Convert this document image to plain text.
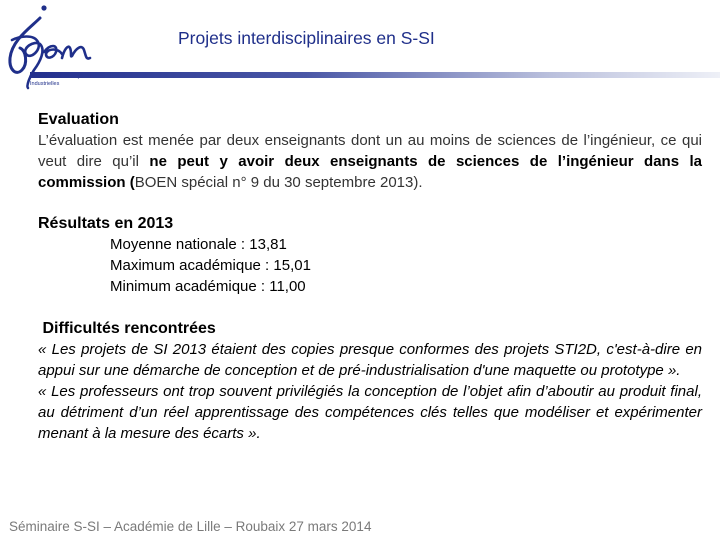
Industrielles
Projets interdisciplinaires en S-SI
Evaluation
L’évaluation est menée par deux enseignants dont un au moins de sciences de l’ingénieur, ce qui veut dire qu’il ne peut y avoir deux enseignants de sciences de l’ingénieur dans la commission (BOEN spécial n° 9 du 30 septembre 2013).
Résultats en 2013
Moyenne nationale : 13,81
Maximum académique : 15,01
Minimum académique : 11,00
Difficultés rencontrées
« Les projets de SI 2013 étaient des copies presque conformes des projets STI2D, c'est-à-dire en appui sur une démarche de conception et de pré-industrialisation d'une maquette ou prototype ».
« Les professeurs ont trop souvent privilégiés la conception de l’objet afin d’aboutir au produit final, au détriment d’un réel apprentissage des compétences clés telles que modéliser et expérimenter menant à la mesure des écarts ».
Séminaire S-SI – Académie de Lille – Roubaix 27 mars 2014
